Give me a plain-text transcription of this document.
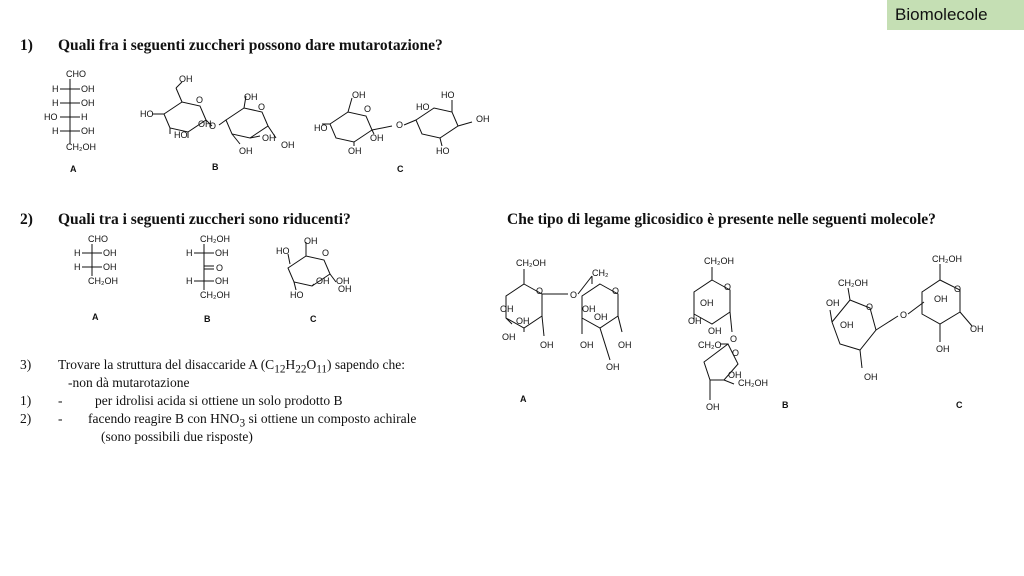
Biomolecole
1) Quali fra i seguenti zuccheri possono dare mutarotazione?
CHO
H	OH
H	OH
HO	H
H	OH
CH₂OH
A
OH
O
HO
HO
OH
O
OH
O
OH
OH
OH
B
OH
O
HO
OH
OH
O
HO
HO
OH
HO
C
2) Quali tra i seguenti zuccheri sono riducenti?
CHO
H	OH
H	OH
CH₂OH
A
CH₂OH
H	OH
O
H	OH
CH₂OH
B
OH
O
HO
HO
OH
OH
OH
C
Che tipo di legame glicosidico è presente nelle seguenti molecole?
CH₂OH
O
OH
OH
OH
OH
O
CH₂
O
OH
OH
OH	OH
OH
A
CH₂OH
O
OH
OH
OH
O
CH₂O
O
CH₂OH
OH
OH
B
CH₂OH
O
OH
OH
OH
O
CH₂OH
O
OH
OH
OH
C
3) Trovare la struttura del disaccaride A $(C_{12}H_{22}O_{11})$ sapendo che:
-non dà mutarotazione
1) - per idrolisi acida si ottiene un solo prodotto B
2) - facendo reagire B con $HNO_3$ si ottiene un composto achirale
(sono possibili due risposte)
